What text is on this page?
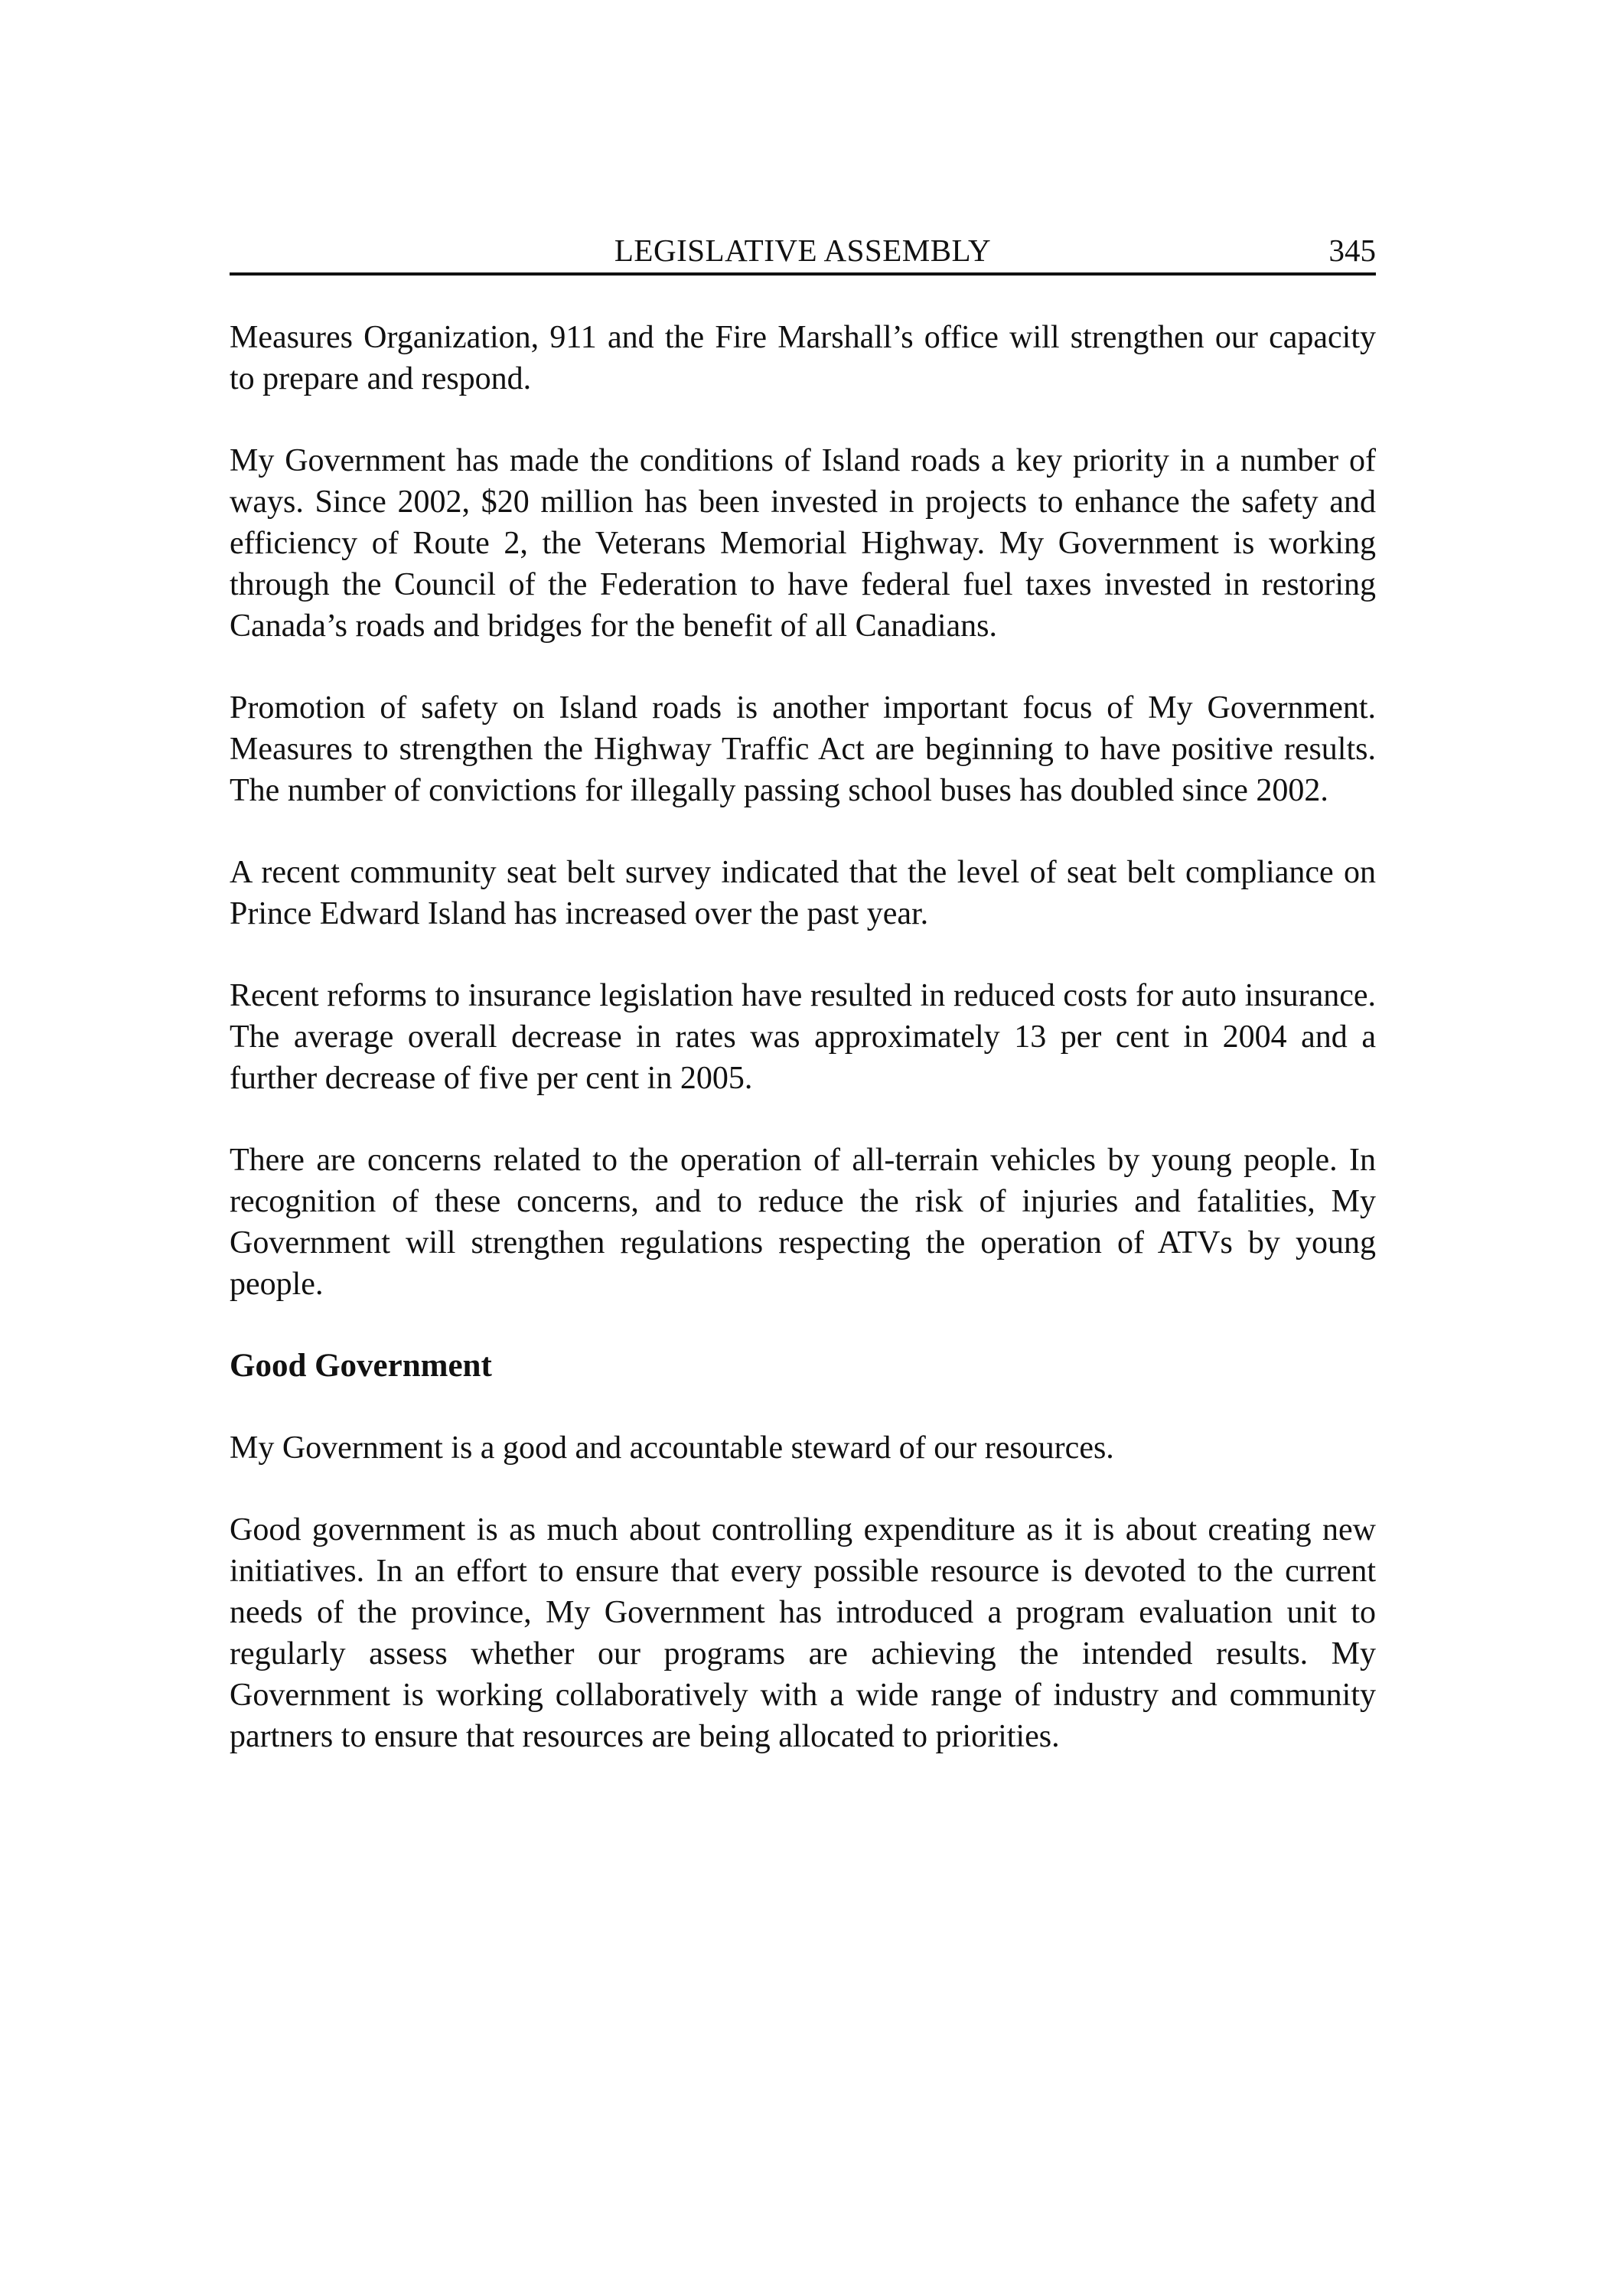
LEGISLATIVE ASSEMBLY	345

Measures Organization, 911 and the Fire Marshall’s office will strengthen our capacity to prepare and respond.

My Government has made the conditions of Island roads a key priority in a number of ways. Since 2002, $20 million has been invested in projects to enhance the safety and efficiency of Route 2, the Veterans Memorial Highway. My Government is working through the Council of the Federation to have federal fuel taxes invested in restoring Canada’s roads and bridges for the benefit of all Canadians.

Promotion of safety on Island roads is another important focus of My Government. Measures to strengthen the Highway Traffic Act are beginning to have positive results. The number of convictions for illegally passing school buses has doubled since 2002.

A recent community seat belt survey indicated that the level of seat belt compliance on Prince Edward Island has increased over the past year.

Recent reforms to insurance legislation have resulted in reduced costs for auto insurance. The average overall decrease in rates was approximately 13 per cent in 2004 and a further decrease of five per cent in 2005.

There are concerns related to the operation of all-terrain vehicles by young people. In recognition of these concerns, and to reduce the risk of injuries and fatalities, My Government will strengthen regulations respecting the operation of ATVs by young people.

Good Government

My Government is a good and accountable steward of our resources.

Good government is as much about controlling expenditure as it is about creating new initiatives. In an effort to ensure that every possible resource is devoted to the current needs of the province, My Government has introduced a program evaluation unit to regularly assess whether our programs are achieving the intended results. My Government is working collaboratively with a wide range of industry and community partners to ensure that resources are being allocated to priorities.
